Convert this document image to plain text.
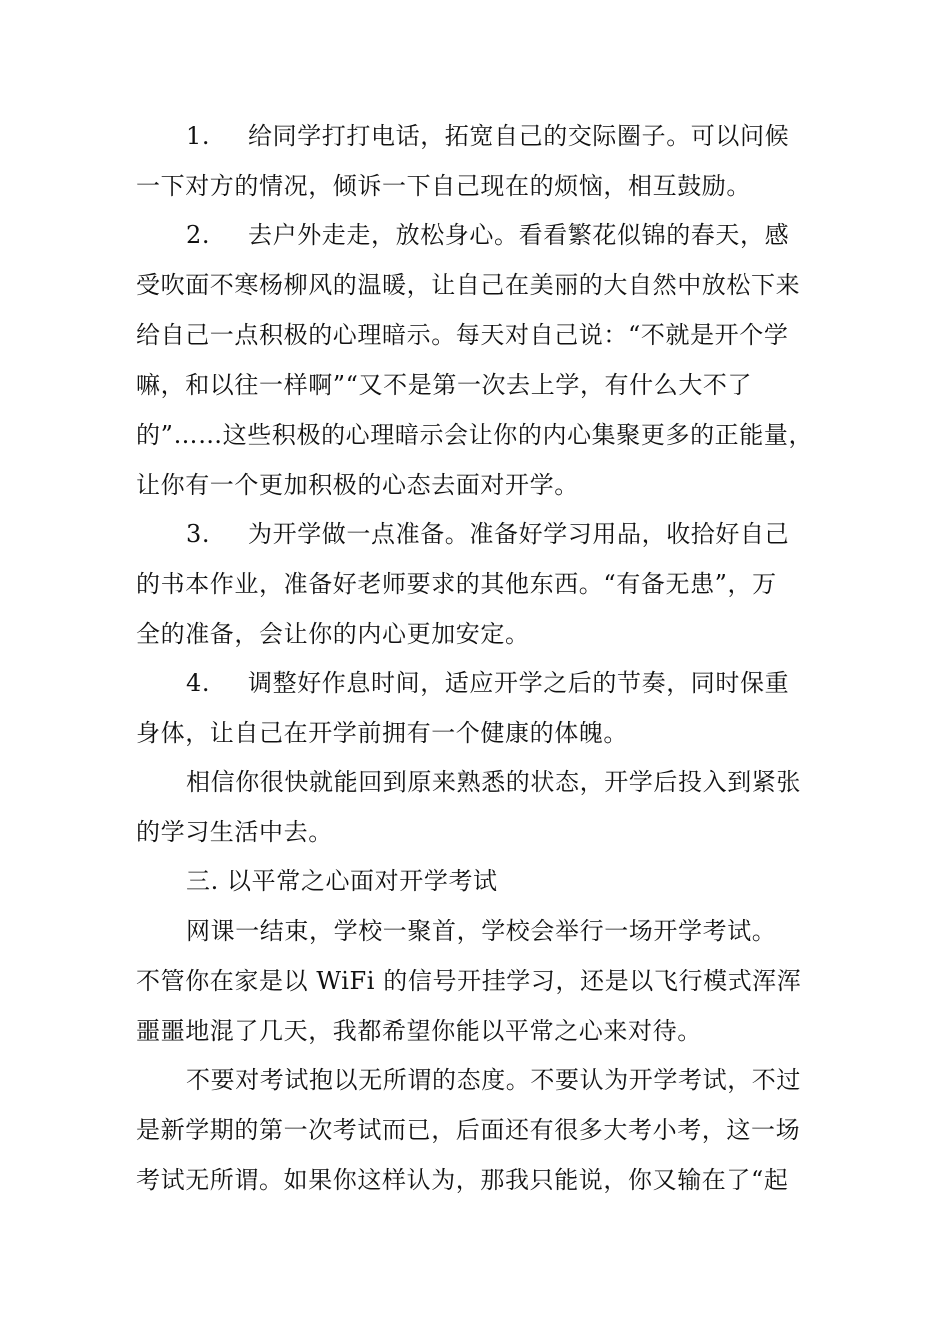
1. 给同学打打电话，拓宽自己的交际圈子。可以问候
一下对方的情况，倾诉一下自己现在的烦恼，相互鼓励。
2. 去户外走走，放松身心。看看繁花似锦的春天，感
受吹面不寒杨柳风的温暖，让自己在美丽的大自然中放松下来
给自己一点积极的心理暗示。每天对自己说：“不就是开个学
嘛，和以往一样啊”“又不是第一次去上学，有什么大不了
的”……这些积极的心理暗示会让你的内心集聚更多的正能量，
让你有一个更加积极的心态去面对开学。
3. 为开学做一点准备。准备好学习用品，收拾好自己
的书本作业，准备好老师要求的其他东西。“有备无患”，万
全的准备，会让你的内心更加安定。
4. 调整好作息时间，适应开学之后的节奏，同时保重
身体，让自己在开学前拥有一个健康的体魄。
相信你很快就能回到原来熟悉的状态，开学后投入到紧张
的学习生活中去。
三. 以平常之心面对开学考试
网课一结束，学校一聚首，学校会举行一场开学考试。
不管你在家是以 WiFi 的信号开挂学习，还是以飞行模式浑浑
噩噩地混了几天，我都希望你能以平常之心来对待。
不要对考试抱以无所谓的态度。不要认为开学考试，不过
是新学期的第一次考试而已，后面还有很多大考小考，这一场
考试无所谓。如果你这样认为，那我只能说，你又输在了“起
